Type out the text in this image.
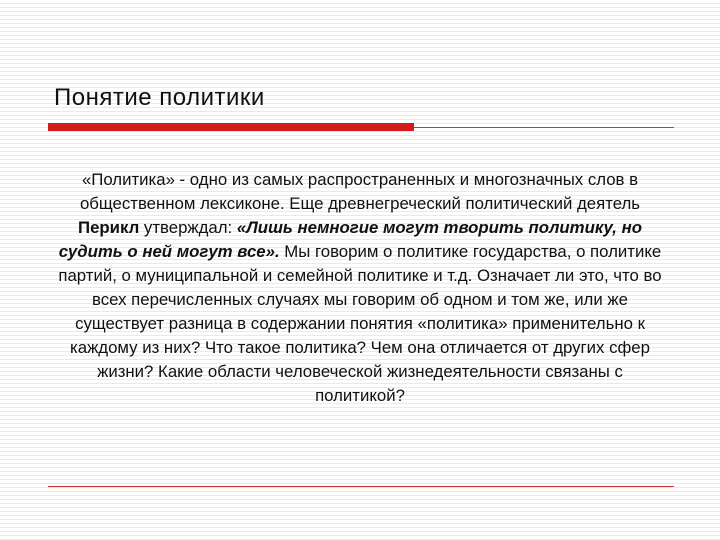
Понятие политики
«Политика» - одно из самых распространенных и многозначных слов в общественном лексиконе. Еще древнегреческий политический деятель Перикл утверждал: «Лишь немногие могут творить политику, но судить о ней могут все». Мы говорим о политике государства, о политике партий, о муниципальной и семейной политике и т.д. Означает ли это, что во всех перечисленных случаях мы говорим об одном и том же, или же существует разница в содержании понятия «политика» применительно к каждому из них? Что такое политика? Чем она отличается от других сфер жизни? Какие области человеческой жизнедеятельности связаны с политикой?
